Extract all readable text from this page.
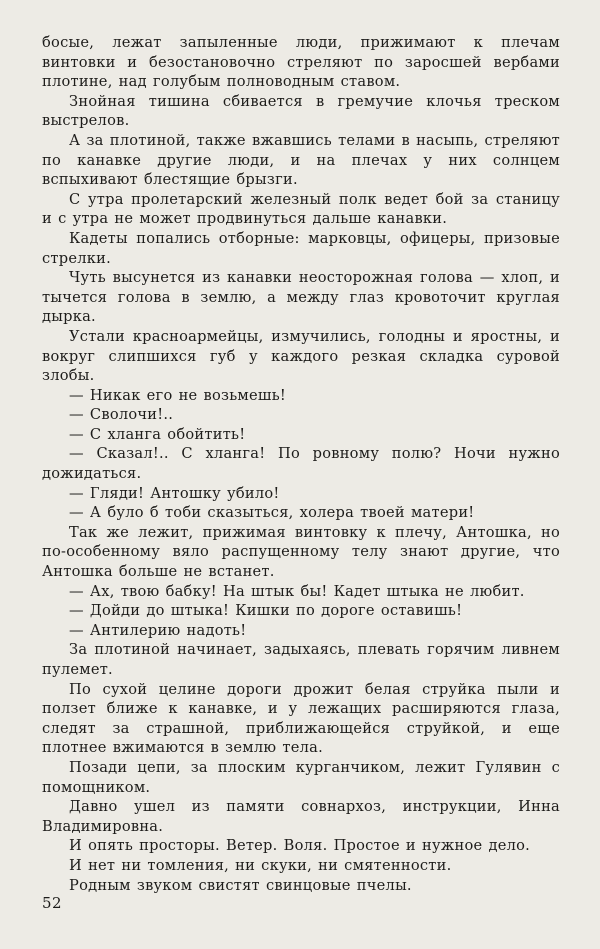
босые, лежат запыленные люди, прижимают к плечам винтовки и безостановочно стреляют по заросшей вербами плотине, над голубым полноводным ставом.

Знойная тишина сбивается в гремучие клочья треском выстрелов.

А за плотиной, также вжавшись телами в насыпь, стреляют по канавке другие люди, и на плечах у них солнцем вспыхивают блестящие брызги.

С утра пролетарский железный полк ведет бой за станицу и с утра не может продвинуться дальше канавки.

Кадеты попались отборные: марковцы, офицеры, призовые стрелки.

Чуть высунется из канавки неосторожная голова — хлоп, и тычется голова в землю, а между глаз кровоточит круглая дырка.

Устали красноармейцы, измучились, голодны и яростны, и вокруг слипшихся губ у каждого резкая складка суровой злобы.

— Никак его не возьмешь!

— Сволочи!..

— С хланга обойтить!

— Сказал!.. С хланга! По ровному полю? Ночи нужно дожидаться.

— Гляди! Антошку убило!

— А було б тоби сказыться, холера твоей матери!

Так же лежит, прижимая винтовку к плечу, Антошка, но по-особенному вяло распущенному телу знают другие, что Антошка больше не встанет.

— Ах, твою бабку! На штык бы! Кадет штыка не любит.

— Дойди до штыка! Кишки по дороге оставишь!

— Антилерию надоть!

За плотиной начинает, задыхаясь, плевать горячим ливнем пулемет.

По сухой целине дороги дрожит белая струйка пыли и ползет ближе к канавке, и у лежащих расширяются глаза, следят за страшной, приближающейся струйкой, и еще плотнее вжимаются в землю тела.

Позади цепи, за плоским курганчиком, лежит Гулявин с помощником.

Давно ушел из памяти совнархоз, инструкции, Инна Владимировна.

И опять просторы. Ветер. Воля. Простое и нужное дело.

И нет ни томления, ни скуки, ни смятенности.

Родным звуком свистят свинцовые пчелы.

52
